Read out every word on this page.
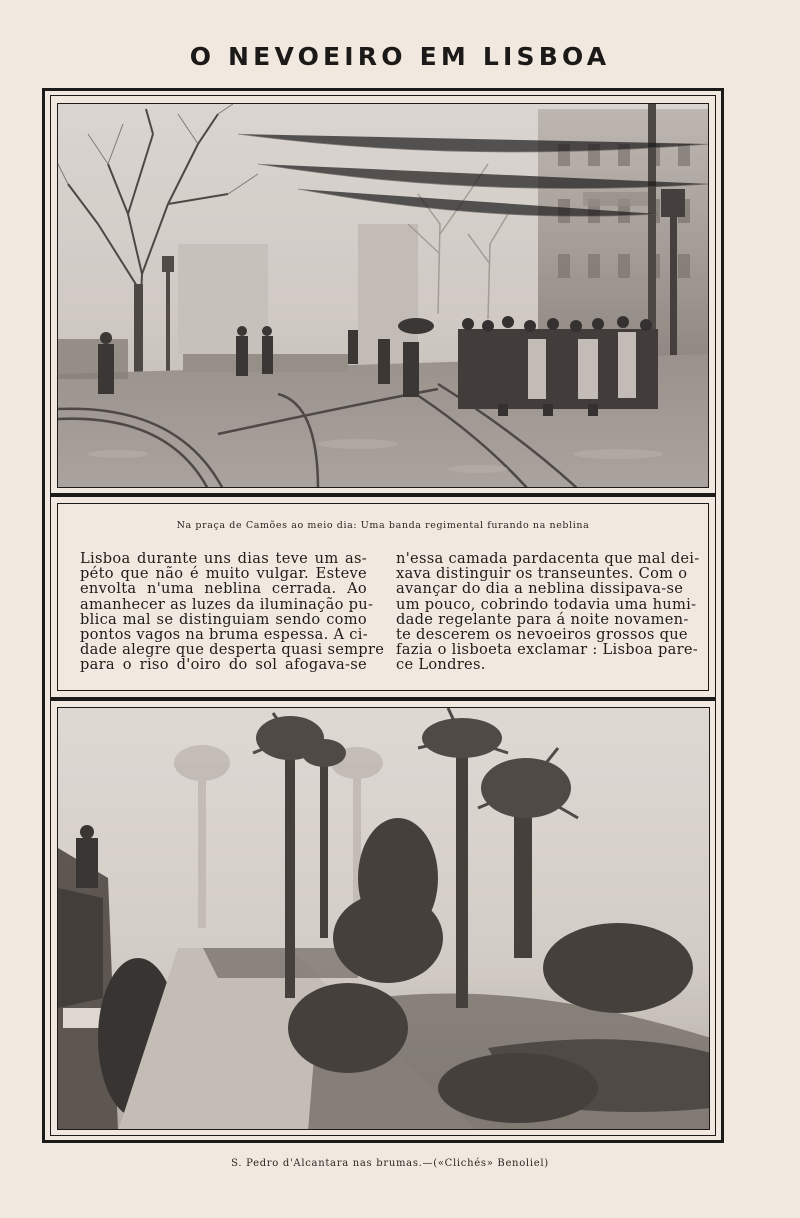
O NEVOEIRO EM LISBOA
Na praça de Camões ao meio dia: Uma banda regimental furando na neblina
Lisboa durante uns dias teve um as-
péto que não é muito vulgar. Esteve
envolta n'uma neblina cerrada. Ao
amanhecer as luzes da iluminação pu-
blica mal se distinguiam sendo como
pontos vagos na bruma espessa. A ci-
dade alegre que desperta quasi sempre
para o riso d'oiro do sol afogava-se
n'essa camada pardacenta que mal dei-
xava distinguir os transeuntes. Com o
avançar do dia a neblina dissipava-se
um pouco, cobrindo todavia uma humi-
dade regelante para á noite novamen-
te descerem os nevoeiros grossos que
fazia o lisboeta exclamar : Lisboa pare-
ce Londres.
S. Pedro d'Alcantara nas brumas.—(«Clichés» Benoliel)
